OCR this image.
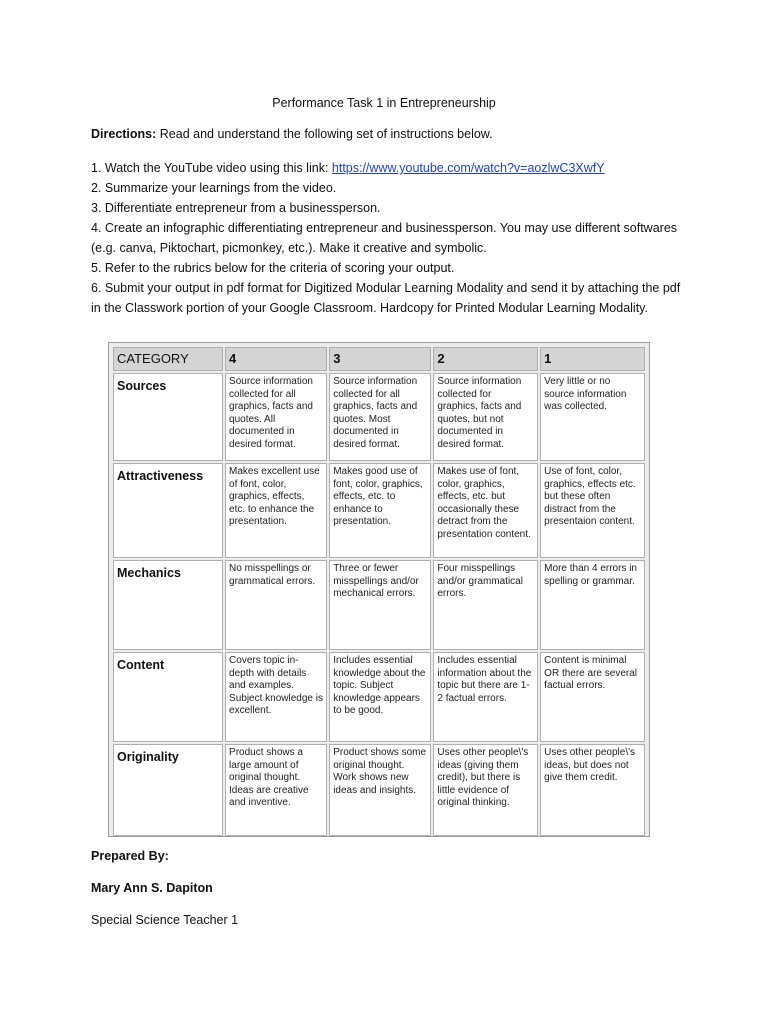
Performance Task 1 in Entrepreneurship
Directions: Read and understand the following set of instructions below.

1. Watch the YouTube video using this link: https://www.youtube.com/watch?v=aozlwC3XwfY

2. Summarize your learnings from the video.

3. Differentiate entrepreneur from a businessperson.

4. Create an infographic differentiating entrepreneur and businessperson. You may use different softwares (e.g. canva, Piktochart, picmonkey, etc.). Make it creative and symbolic.

5. Refer to the rubrics below for the criteria of scoring your output.

6. Submit your output in pdf format for Digitized Modular Learning Modality and send it by attaching the pdf in the Classwork portion of your Google Classroom. Hardcopy for Printed Modular Learning Modality.

CATEGORY	4	3	2	1
Sources	Source information collected for all graphics, facts and quotes. All documented in desired format.	Source information collected for all graphics, facts and quotes. Most documented in desired format.	Source information collected for graphics, facts and quotes, but not documented in desired format.	Very little or no source information was collected.
Attractiveness	Makes excellent use of font, color, graphics, effects, etc. to enhance the presentation.	Makes good use of font, color, graphics, effects, etc. to enhance to presentation.	Makes use of font, color, graphics, effects, etc. but occasionally these detract from the presentation content.	Use of font, color, graphics, effects etc. but these often distract from the presentaion content.
Mechanics	No misspellings or grammatical errors.	Three or fewer misspellings and/or mechanical errors.	Four misspellings and/or grammatical errors.	More than 4 errors in spelling or grammar.
Content	Covers topic in-depth with details and examples. Subject knowledge is excellent.	Includes essential knowledge about the topic. Subject knowledge appears to be good.	Includes essential information about the topic but there are 1-2 factual errors.	Content is minimal OR there are several factual errors.
Originality	Product shows a large amount of original thought. Ideas are creative and inventive.	Product shows some original thought. Work shows new ideas and insights.	Uses other people\'s ideas (giving them credit), but there is little evidence of original thinking.	Uses other people\'s ideas, but does not give them credit.
Prepared By:
Mary Ann S. Dapiton
Special Science Teacher 1
